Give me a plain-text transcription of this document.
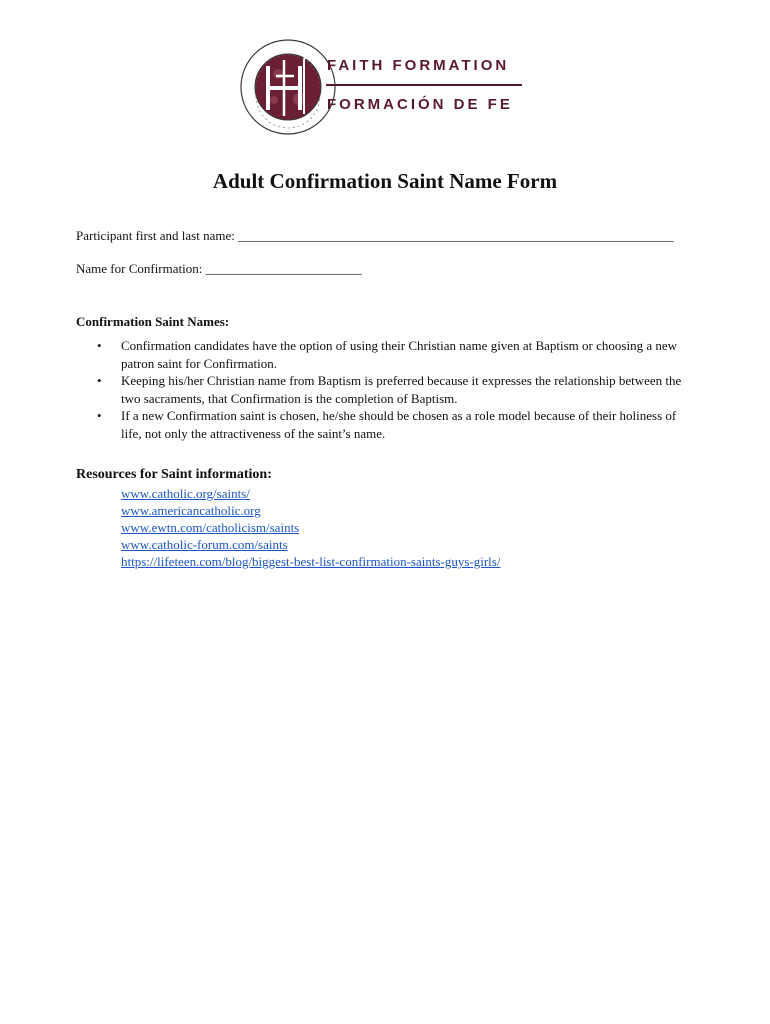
FAITH FORMATION
FORMACIÓN DE FE
Adult Confirmation Saint Name Form
Participant first and last name: ___________________________________________________________________
Name for Confirmation: ________________________
Confirmation Saint Names:
• Confirmation candidates have the option of using their Christian name given at Baptism or choosing a new patron saint for Confirmation.
• Keeping his/her Christian name from Baptism is preferred because it expresses the relationship between the two sacraments, that Confirmation is the completion of Baptism.
• If a new Confirmation saint is chosen, he/she should be chosen as a role model because of their holiness of life, not only the attractiveness of the saint’s name.
Resources for Saint information:
www.catholic.org/saints/
www.americancatholic.org
www.ewtn.com/catholicism/saints
www.catholic-forum.com/saints
https://lifeteen.com/blog/biggest-best-list-confirmation-saints-guys-girls/
